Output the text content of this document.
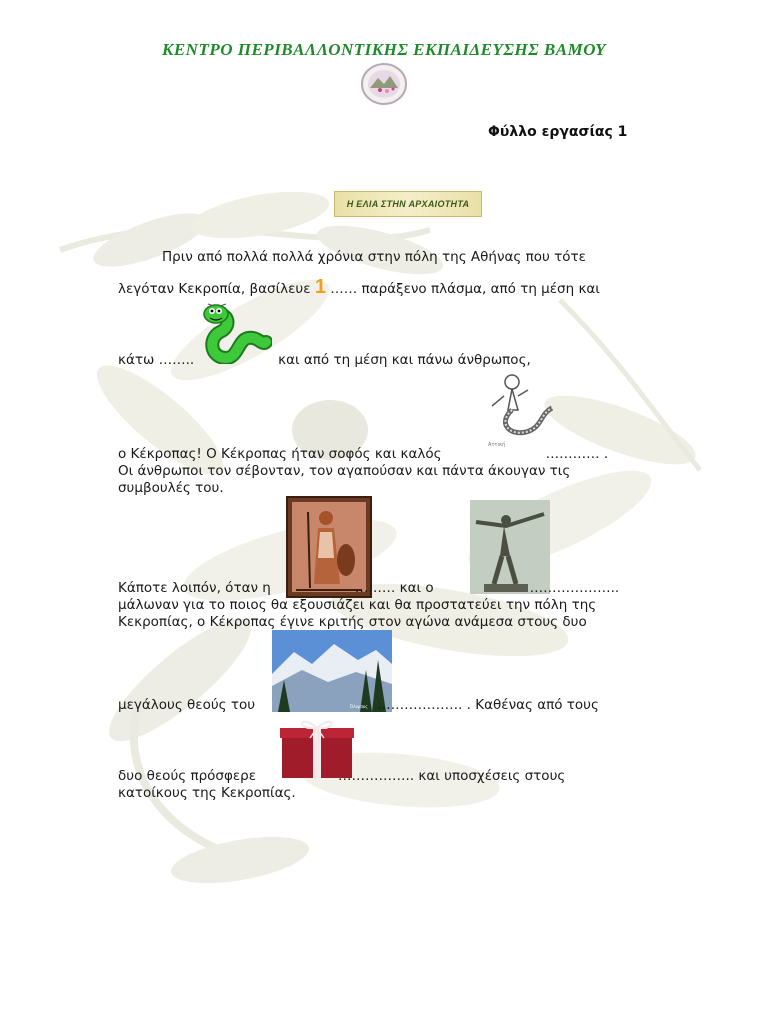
ΚΕΝΤΡΟ ΠΕΡΙΒΑΛΛΟΝΤΙΚΗΣ ΕΚΠΑΙΔΕΥΣΗΣ ΒΑΜΟΥ
Φύλλο εργασίας 1
Η ΕΛΙΑ ΣΤΗΝ ΑΡΧΑΙΟΤΗΤΑ
Πριν από πολλά πολλά χρόνια στην πόλη της Αθήνας που τότε
λεγόταν Κεκροπία, βασίλευε 1 …… παράξενο πλάσμα, από τη μέση και
κάτω ……..	και από τη μέση και πάνω άνθρωπος,
Αττική
ο Κέκροπας! Ο Κέκροπας ήταν σοφός και καλός	………… .
Οι άνθρωποι τον σέβονταν, τον αγαπούσαν και πάντα άκουγαν τις
συμβουλές του.
Κάποτε λοιπόν, όταν η	……… και ο	………………..
μάλωναν για το ποιος θα εξουσιάζει και θα προστατεύει την πόλη της
Κεκροπίας, ο Κέκροπας έγινε κριτής στον αγώνα ανάμεσα στους δυο
Όλυμπος
μεγάλους θεούς του	………………. . Καθένας από τους
δυο θεούς πρόσφερε	…………….. και υποσχέσεις στους
κατοίκους της Κεκροπίας.
